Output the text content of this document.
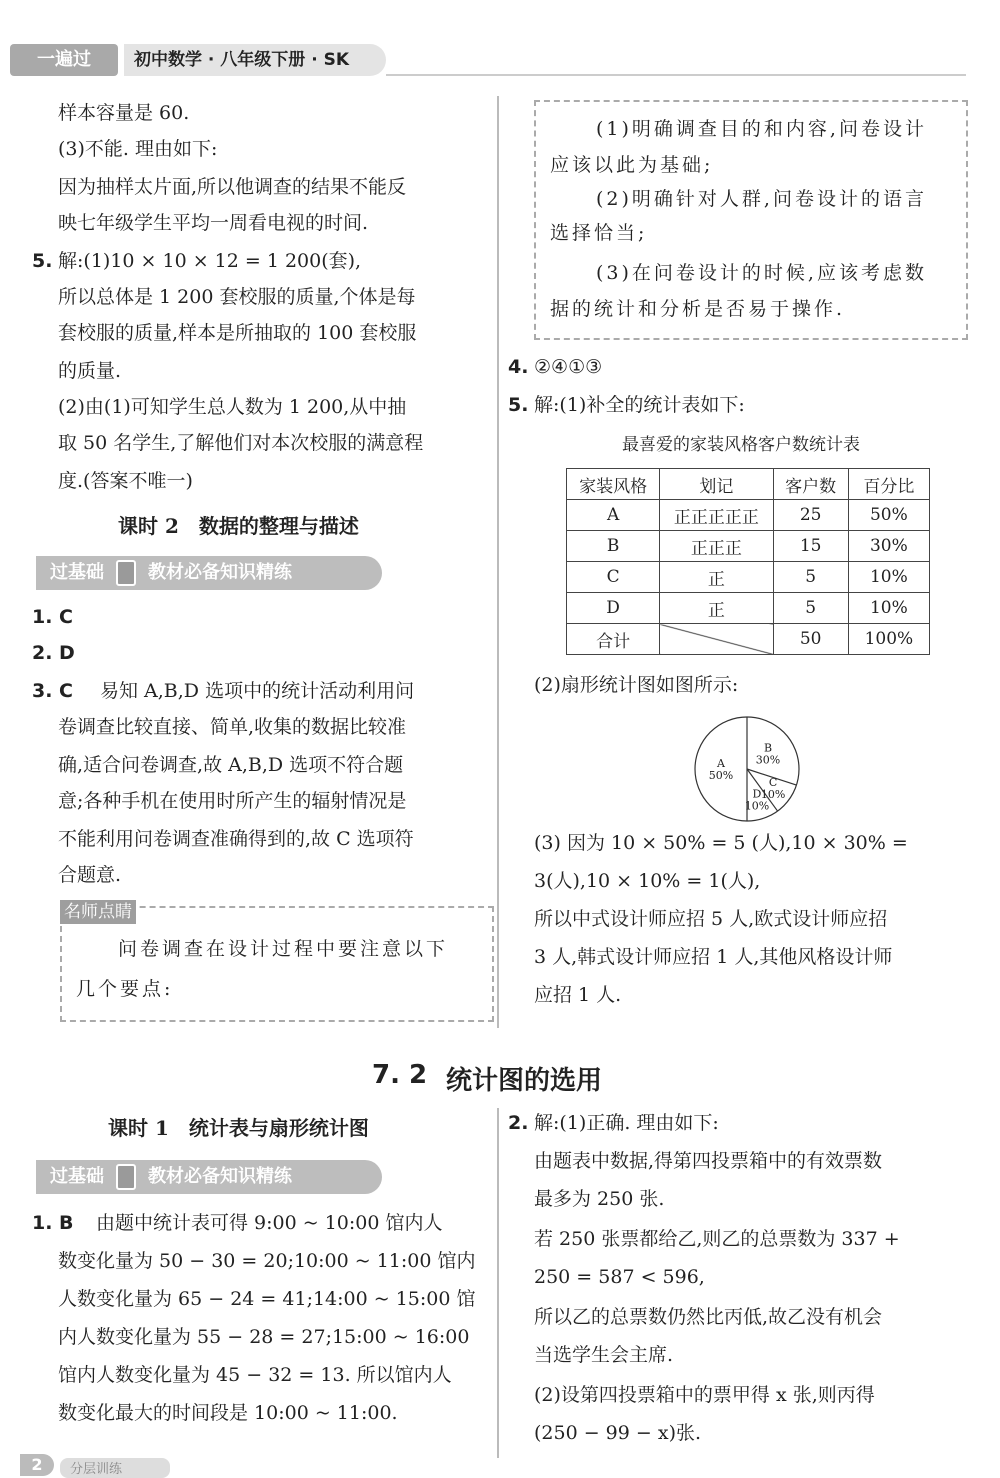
一遍过	初中数学 · 八年级下册 · SK
样本容量是 60.
(3)不能. 理由如下:
因为抽样太片面,所以他调查的结果不能反
映七年级学生平均一周看电视的时间.
5. 解:(1)10 × 10 × 12 = 1 200(套),
所以总体是 1 200 套校服的质量,个体是每
套校服的质量,样本是所抽取的 100 套校服
的质量.
(2)由(1)可知学生总人数为 1 200,从中抽
取 50 名学生,了解他们对本次校服的满意程
度.(答案不唯一)
课时 2　数据的整理与描述
过基础 教材必备知识精练
1. C
2. D
3. C 易知 A,B,D 选项中的统计活动利用问
卷调查比较直接、简单,收集的数据比较准
确,适合问卷调查,故 A,B,D 选项不符合题
意;各种手机在使用时所产生的辐射情况是
不能利用问卷调查准确得到的,故 C 选项符
合题意.
名师点睛
问卷调查在设计过程中要注意以下
几个要点:
(1)明确调查目的和内容,问卷设计
应该以此为基础;
(2)明确针对人群,问卷设计的语言
选择恰当;
(3)在问卷设计的时候,应该考虑数
据的统计和分析是否易于操作.
4. ②④①③
5. 解:(1)补全的统计表如下:
最喜爱的家装风格客户数统计表
家装风格	划记	客户数	百分比
A	正正正正正	25	50%
B	正正正	15	30%
C	正	5	10%
D	正	5	10%
合计		50	100%
(2)扇形统计图如图所示:
A
50%
B
30%
C
10%
D
10%
(3) 因为 10 × 50% = 5 (人),10 × 30% =
3(人),10 × 10% = 1(人),
所以中式设计师应招 5 人,欧式设计师应招
3 人,韩式设计师应招 1 人,其他风格设计师
应招 1 人.
7. 2 统计图的选用
课时 1　统计表与扇形统计图
过基础 教材必备知识精练
1. B 由题中统计表可得 9:00 ~ 10:00 馆内人
数变化量为 50 − 30 = 20;10:00 ~ 11:00 馆内
人数变化量为 65 − 24 = 41;14:00 ~ 15:00 馆
内人数变化量为 55 − 28 = 27;15:00 ~ 16:00
馆内人数变化量为 45 − 32 = 13. 所以馆内人
数变化最大的时间段是 10:00 ~ 11:00.
2. 解:(1)正确. 理由如下:
由题表中数据,得第四投票箱中的有效票数
最多为 250 张.
若 250 张票都给乙,则乙的总票数为 337 +
250 = 587 < 596,
所以乙的总票数仍然比丙低,故乙没有机会
当选学生会主席.
(2)设第四投票箱中的票甲得 x 张,则丙得
(250 − 99 − x)张.
2	分层训练
